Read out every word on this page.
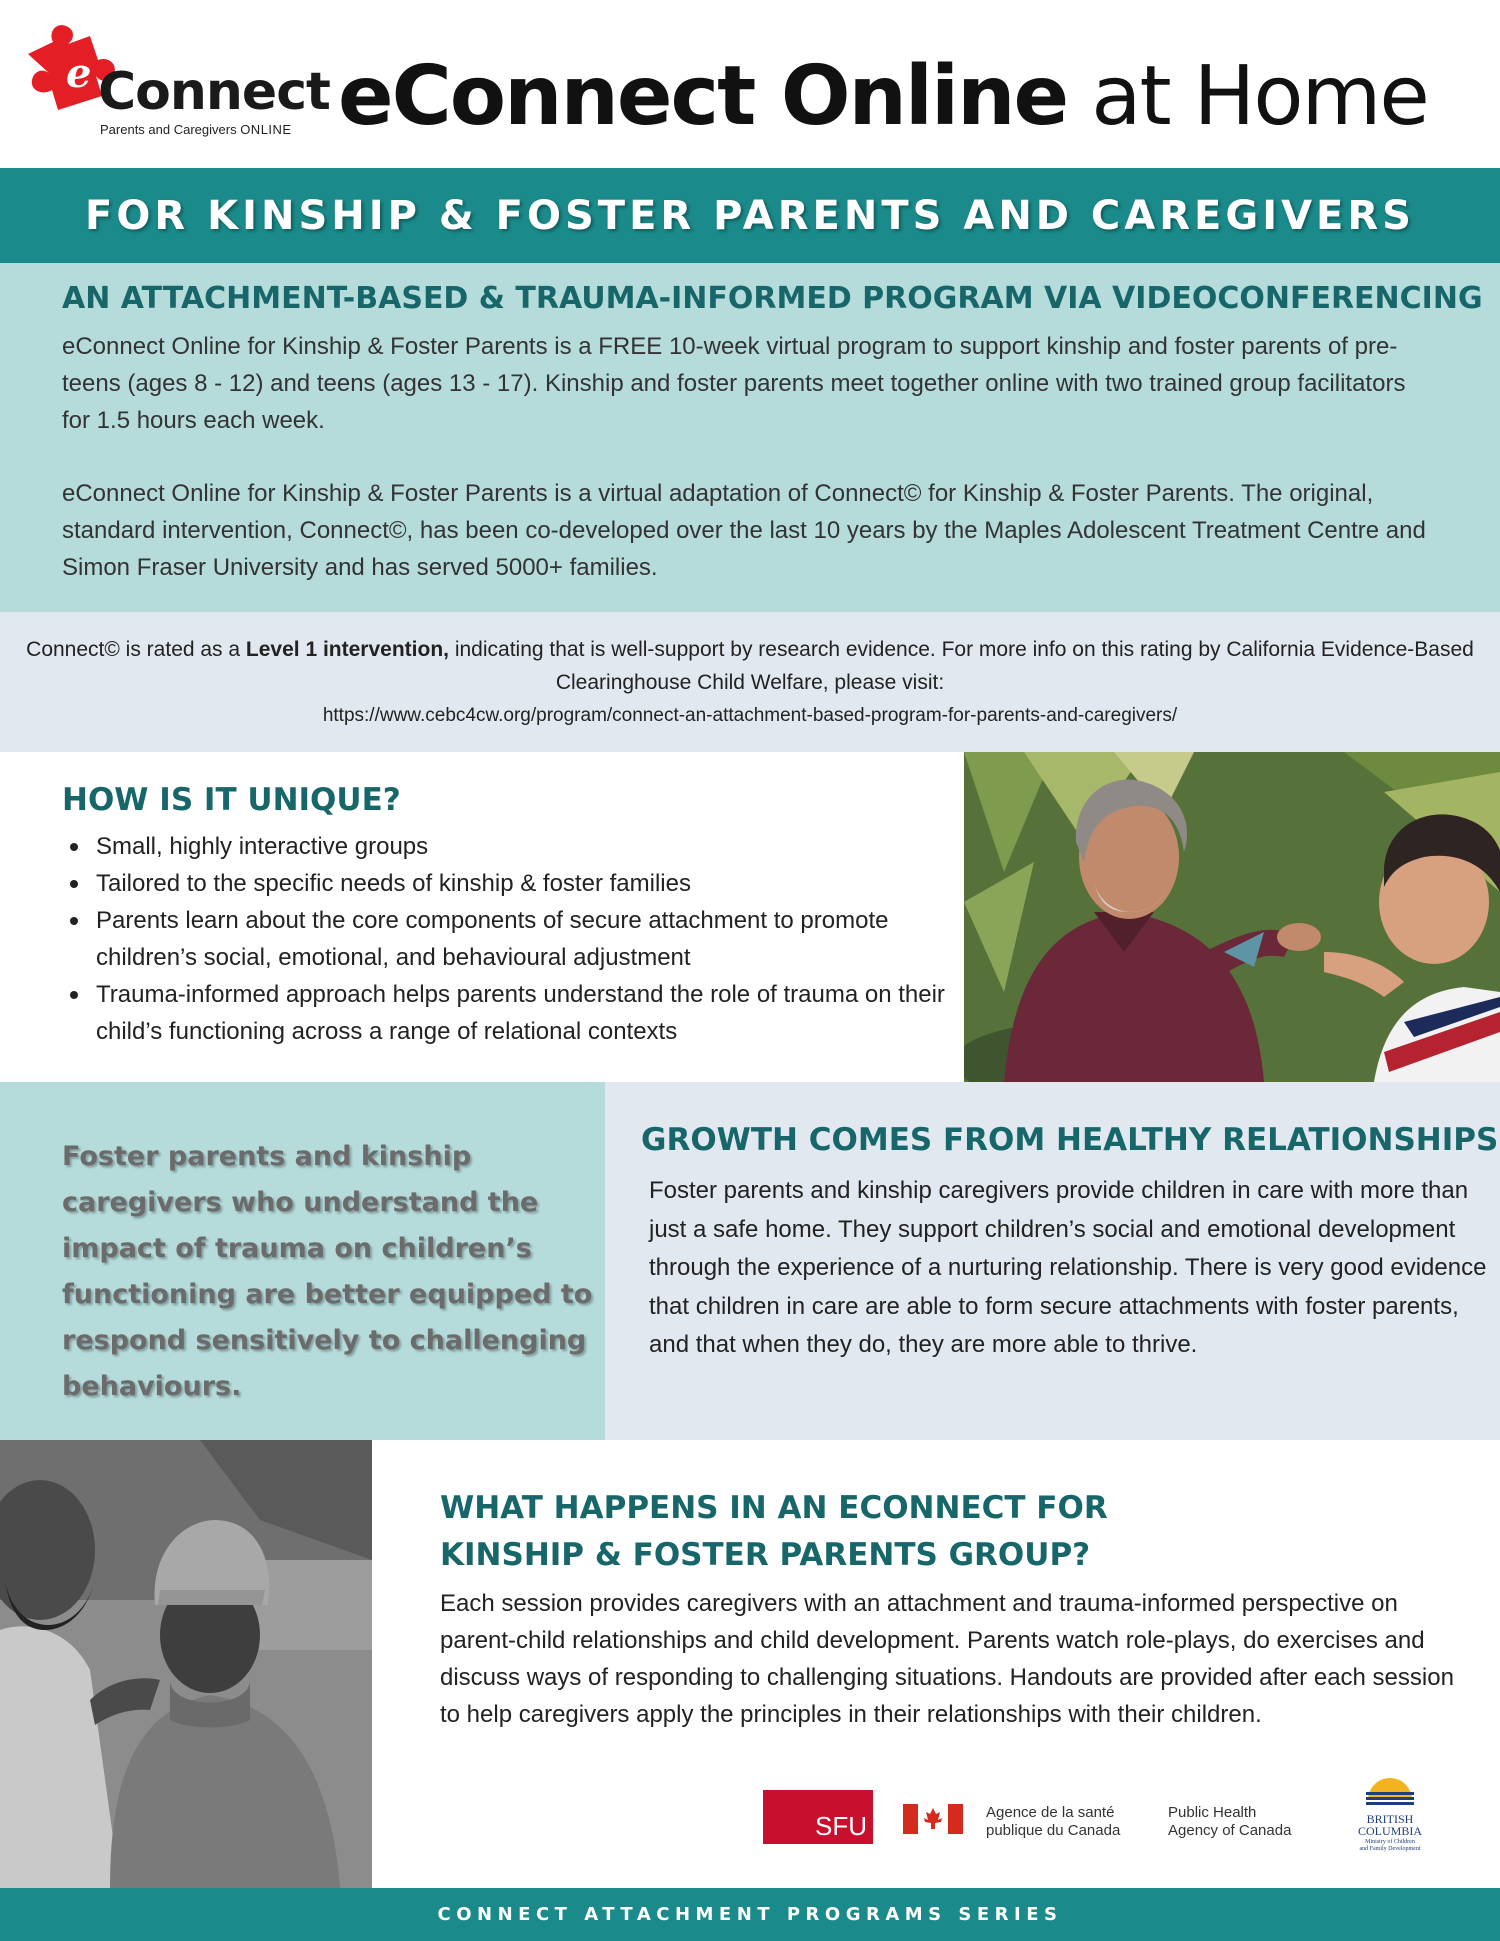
e Connect
Parents and Caregivers ONLINE eConnect Online at Home
FOR KINSHIP & FOSTER PARENTS AND CAREGIVERS
AN ATTACHMENT-BASED & TRAUMA-INFORMED PROGRAM VIA VIDEOCONFERENCING

eConnect Online for Kinship & Foster Parents is a FREE 10-week virtual program to support kinship and foster parents of pre-teens (ages 8 - 12) and teens (ages 13 - 17). Kinship and foster parents meet together online with two trained group facilitators for 1.5 hours each week.

eConnect Online for Kinship & Foster Parents is a virtual adaptation of Connect© for Kinship & Foster Parents. The original, standard intervention, Connect©, has been co-developed over the last 10 years by the Maples Adolescent Treatment Centre and Simon Fraser University and has served 5000+ families.

Connect© is rated as a Level 1 intervention, indicating that is well-support by research evidence. For more info on this rating by California Evidence-Based Clearinghouse Child Welfare, please visit:

https://www.cebc4cw.org/program/connect-an-attachment-based-program-for-parents-and-caregivers/

HOW IS IT UNIQUE?
Small, highly interactive groups
Tailored to the specific needs of kinship & foster families
Parents learn about the core components of secure attachment to promote children’s social, emotional, and behavioural adjustment
Trauma-informed approach helps parents understand the role of trauma on their child’s functioning across a range of relational contexts

Foster parents and kinship caregivers who understand the impact of trauma on children’s functioning are better equipped to respond sensitively to challenging behaviours.

GROWTH COMES FROM HEALTHY RELATIONSHIPS

Foster parents and kinship caregivers provide children in care with more than just a safe home. They support children’s social and emotional development through the experience of a nurturing relationship. There is very good evidence that children in care are able to form secure attachments with foster parents, and that when they do, they are more able to thrive.

WHAT HAPPENS IN AN ECONNECT FOR
KINSHIP & FOSTER PARENTS GROUP?

Each session provides caregivers with an attachment and trauma-informed perspective on parent-child relationships and child development. Parents watch role-plays, do exercises and discuss ways of responding to challenging situations. Handouts are provided after each session to help caregivers apply the principles in their relationships with their children.

SFU	Agence de la santé
publique du Canada
Public Health
Agency of Canada
BRITISH
COLUMBIA
Ministry of Children
and Family Development
CONNECT ATTACHMENT PROGRAMS SERIES
